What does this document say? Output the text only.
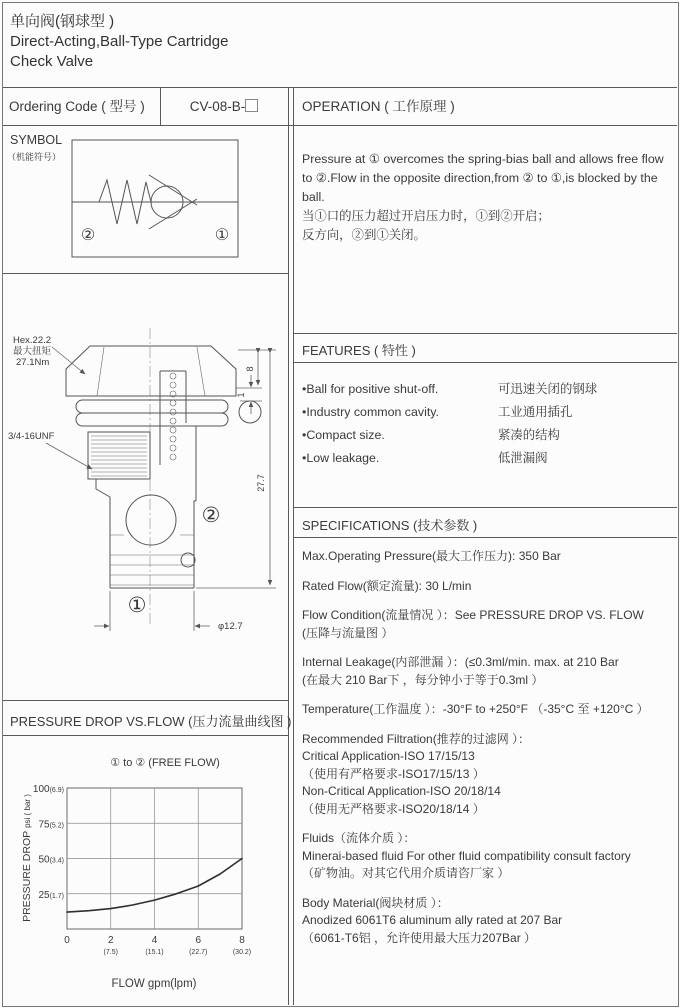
单向阀(钢球型 )
Direct-Acting,Ball-Type Cartridge
Check Valve
Ordering Code ( 型号 )	CV-08-B-	OPERATION ( 工作原理 )
SYMBOL
（机能符号）
②	①
②
①
Hex.22.2
最大扭矩
27.1Nm
3/4-16UNF
8
1
27.7
φ12.7
Pressure at ① overcomes the spring-bias ball and allows free flow to ②.Flow in the opposite direction,from ② to ①,is blocked by the ball.
当①口的压力超过开启压力时，①到②开启；
反方向，②到①关闭。
FEATURES ( 特性 )
•Ball for positive shut-off.	可迅速关闭的钢球
•Industry common cavity.	工业通用插孔
•Compact size.	紧凑的结构
•Low leakage.	低泄漏阀
SPECIFICATIONS (技术参数 )
Max.Operating Pressure(最大工作压力): 350 Bar
Rated Flow(额定流量): 30 L/min
Flow Condition(流量情况 ）：See PRESSURE DROP VS. FLOW
(压降与流量图 ）
Internal Leakage(内部泄漏 ）：(≤0.3ml/min. max. at 210 Bar
(在最大 210 Bar下 ，每分钟小于等于0.3ml ）
Temperature(工作温度 ）：-30°F to +250°F （-35°C 至 +120°C ）
Recommended Filtration(推荐的过滤网 ）：
Critical Application-ISO 17/15/13
（使用有严格要求-ISO17/15/13 ）
Non-Critical Application-ISO 20/18/14
（使用无严格要求-ISO20/18/14 ）
Fluids（流体介质 ）：
Minerai-based fluid For other fluid compatibility consult factory
（矿物油。对其它代用介质请咨厂家 ）
Body Material(阀块材质 ）：
Anodized 6061T6 aluminum ally rated at 207 Bar
（6061-T6铝 ，允许使用最大压力207Bar ）
PRESSURE DROP VS.FLOW (压力流量曲线图 )
① to ② (FREE FLOW)
100(6.9)
75(5.2)
50(3.4)
25(1.7)
0	2	4	6	8
(7.5)	(15.1)	(22.7)	(30.2)
PRESSURE DROPpsi ( bar )
FLOW gpm(lpm)
